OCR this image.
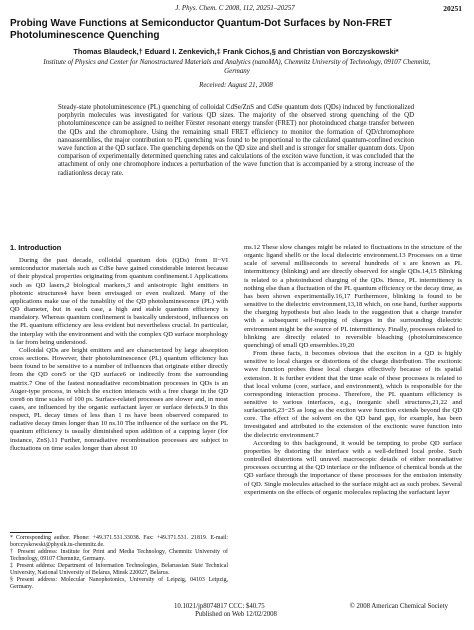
J. Phys. Chem. C 2008, 112, 20251–20257	20251
Probing Wave Functions at Semiconductor Quantum-Dot Surfaces by Non-FRET Photoluminescence Quenching
Thomas Blaudeck,† Eduard I. Zenkevich,‡ Frank Cichos,§ and Christian von Borczyskowski*
Institute of Physics and Center for Nanostructured Materials and Analytics (nanoMA), Chemnitz University of Technology, 09107 Chemnitz, Germany
Received: August 21, 2008

Steady-state photoluminescence (PL) quenching of colloidal CdSe/ZnS and CdSe quantum dots (QDs) induced by functionalized porphyrin molecules was investigated for various QD sizes. The majority of the observed strong quenching of the QD photoluminescence can be assigned to neither Förster resonant energy transfer (FRET) nor photoinduced charge transfer between the QDs and the chromophore. Using the remaining small FRET efficiency to monitor the formation of QD/chromophore nanoassemblies, the major contribution to PL quenching was found to be proportional to the calculated quantum-confined exciton wave function at the QD surface. The quenching depends on the QD size and shell and is stronger for smaller quantum dots. Upon comparison of experimentally determined quenching rates and calculations of the exciton wave function, it was concluded that the attachment of only one chromophore induces a perturbation of the wave function that is accompanied by a strong increase of the radiationless decay rate.

1. Introduction

During the past decade, colloidal quantum dots (QDs) from II−VI semiconductor materials such as CdSe have gained considerable interest because of their physical properties originating from quantum confinement.1 Applications such as QD lasers,2 biological markers,3 and anisotropic light emitters in photonic structures4 have been envisaged or even realized. Many of the applications make use of the tunability of the QD photoluminescence (PL) with QD diameter, but in each case, a high and stable quantum efficiency is mandatory. Whereas quantum confinement is basically understood, influences on the PL quantum efficiency are less evident but nevertheless crucial. In particular, the interplay with the environment and with the complex QD surface morphology is far from being understood.

Colloidal QDs are bright emitters and are characterized by large absorption cross sections. However, their photoluminescence (PL) quantum efficiency has been found to be sensitive to a number of influences that originate either directly from the QD core5 or the QD surface6 or indirectly from the surrounding matrix.7 One of the fastest nonradiative recombination processes in QDs is an Auger-type process, in which the exciton interacts with a free charge in the QD core8 on time scales of 100 ps. Surface-related processes are slower and, in most cases, are influenced by the organic surfactant layer or surface defects.9 In this respect, PL decay times of less than 1 ns have been observed compared to radiative decay times longer than 10 ns.10 The influence of the surface on the PL quantum efficiency is usually diminished upon addition of a capping layer (for instance, ZnS).11 Further, nonradiative recombination processes are subject to fluctuations on time scales longer than about 10

ms.12 These slow changes might be related to fluctuations in the structure of the organic ligand shell6 or the local dielectric environment.13 Processes on a time scale of several milliseconds to several hundreds of s are known as PL intermittency (blinking) and are directly observed for single QDs.14,15 Blinking is related to a photoinduced charging of the QDs. Hence, PL intermittency is nothing else than a fluctuation of the PL quantum efficiency or the decay time, as has been shown experimentally.16,17 Furthermore, blinking is found to be sensitive to the dielectric environment,13,18 which, on one hand, further supports the charging hypothesis but also leads to the suggestion that a charge transfer with a subsequent self-trapping of charges in the surrounding dielectric environment might be the source of PL intermittency. Finally, processes related to blinking are directly related to reversible bleaching (photoluminescence quenching) of small QD ensembles.19,20

From these facts, it becomes obvious that the exciton in a QD is highly sensitive to local charges or distortions of the charge distribution. The excitonic wave function probes these local charges effectively because of its spatial extension. It is further evident that the time scale of these processes is related to that local volume (core, surface, and environment), which is responsible for the corresponding interaction process. Therefore, the PL quantum efficiency is sensitive to various interfaces, e.g., inorganic shell structures,21,22 and surfactants6,23−25 as long as the exciton wave function extends beyond the QD core. The effect of the solvent on the QD band gap, for example, has been investigated and attributed to the extension of the excitonic wave function into the dielectric environment.7

According to this background, it would be tempting to probe QD surface properties by distorting the interface with a well-defined local probe. Such controlled distortions will unravel macroscopic details of either nonradiative processes occurring at the QD interface or the influence of chemical bonds at the QD surface through the importance of these processes for the emission intensity of QD. Single molecules attached to the surface might act as such probes. Several experiments on the effects of organic molecules replacing the surfactant layer

* Corresponding author. Phone: +49.371.531.33038. Fax: +49.371.531. 21819. E-mail: borczyskowski@physik.tu-chemnitz.de.
† Present address: Institute for Print and Media Technology, Chemnitz University of Technology, 09107 Chemnitz, Germany.
‡ Present address: Department of Information Technologies, Belarussian State Technical University, National University of Belarus, Minsk 220027, Belarus.
§ Present address: Molecular Nanophotonics, University of Leipzig, 04103 Leipzig, Germany.
10.1021/jp8074817 CCC: $40.75	© 2008 American Chemical Society
Published on Web 12/02/2008
